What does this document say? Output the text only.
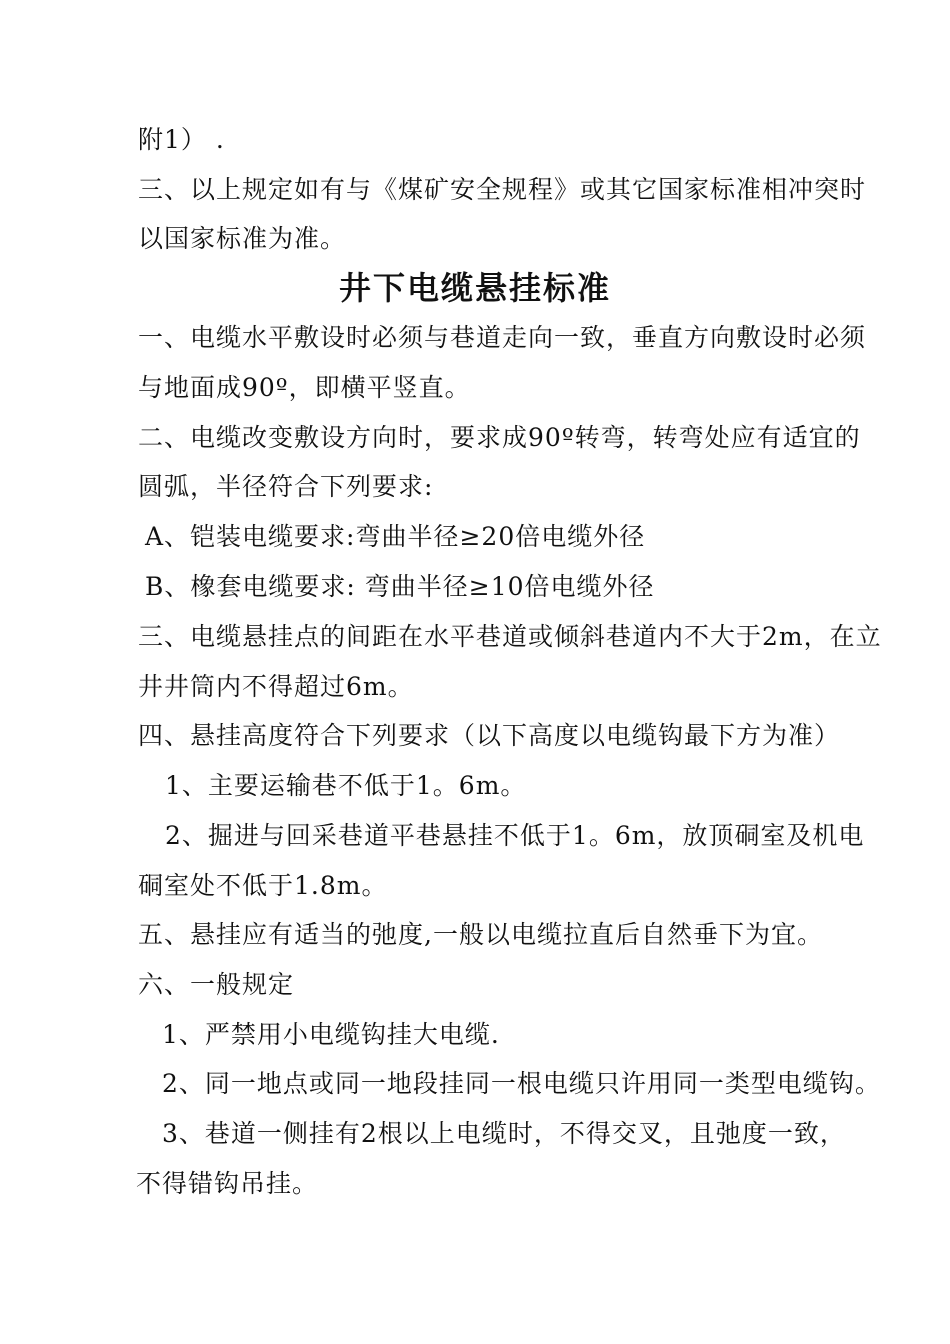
附1） .
三、以上规定如有与《煤矿安全规程》或其它国家标准相冲突时
以国家标准为准。
井下电缆悬挂标准
一、电缆水平敷设时必须与巷道走向一致，垂直方向敷设时必须
与地面成90º，即横平竖直。
二、电缆改变敷设方向时，要求成90º转弯，转弯处应有适宜的
圆弧，半径符合下列要求:
A、铠装电缆要求:弯曲半径≥20倍电缆外径
B、橡套电缆要求: 弯曲半径≥10倍电缆外径
三、电缆悬挂点的间距在水平巷道或倾斜巷道内不大于2m，在立
井井筒内不得超过6m。
四、悬挂高度符合下列要求（以下高度以电缆钩最下方为准）
1、主要运输巷不低于1。6m。
2、掘进与回采巷道平巷悬挂不低于1。6m，放顶硐室及机电
硐室处不低于1.8m。
五、悬挂应有适当的弛度,一般以电缆拉直后自然垂下为宜。
六、一般规定
1、严禁用小电缆钩挂大电缆.
2、同一地点或同一地段挂同一根电缆只许用同一类型电缆钩。
3、巷道一侧挂有2根以上电缆时，不得交叉，且弛度一致，
不得错钩吊挂。
